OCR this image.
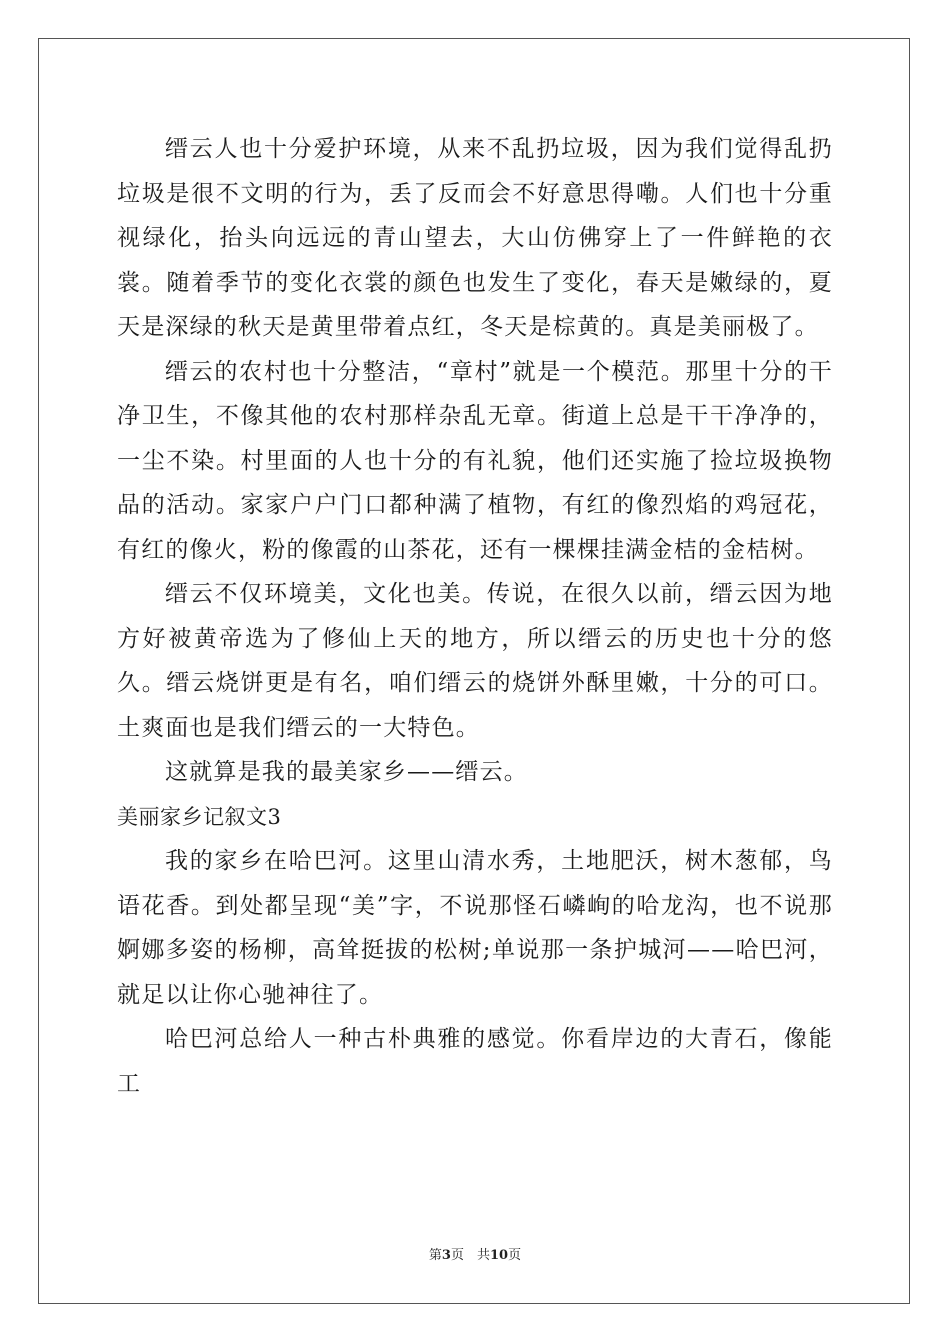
缙云人也十分爱护环境，从来不乱扔垃圾，因为我们觉得乱扔垃圾是很不文明的行为，丢了反而会不好意思得嘞。人们也十分重视绿化，抬头向远远的青山望去，大山仿佛穿上了一件鲜艳的衣裳。随着季节的变化衣裳的颜色也发生了变化，春天是嫩绿的，夏天是深绿的秋天是黄里带着点红，冬天是棕黄的。真是美丽极了。

缙云的农村也十分整洁，“章村”就是一个模范。那里十分的干净卫生，不像其他的农村那样杂乱无章。街道上总是干干净净的，一尘不染。村里面的人也十分的有礼貌，他们还实施了捡垃圾换物品的活动。家家户户门口都种满了植物，有红的像烈焰的鸡冠花，有红的像火，粉的像霞的山茶花，还有一棵棵挂满金桔的金桔树。

缙云不仅环境美，文化也美。传说，在很久以前，缙云因为地方好被黄帝选为了修仙上天的地方，所以缙云的历史也十分的悠久。缙云烧饼更是有名，咱们缙云的烧饼外酥里嫩，十分的可口。土爽面也是我们缙云的一大特色。

这就算是我的最美家乡——缙云。

美丽家乡记叙文3

我的家乡在哈巴河。这里山清水秀，土地肥沃，树木葱郁，鸟语花香。到处都呈现“美”字，不说那怪石嶙峋的哈龙沟，也不说那婀娜多姿的杨柳，高耸挺拔的松树;单说那一条护城河——哈巴河，就足以让你心驰神往了。

哈巴河总给人一种古朴典雅的感觉。你看岸边的大青石，像能工

第3页　共10页
